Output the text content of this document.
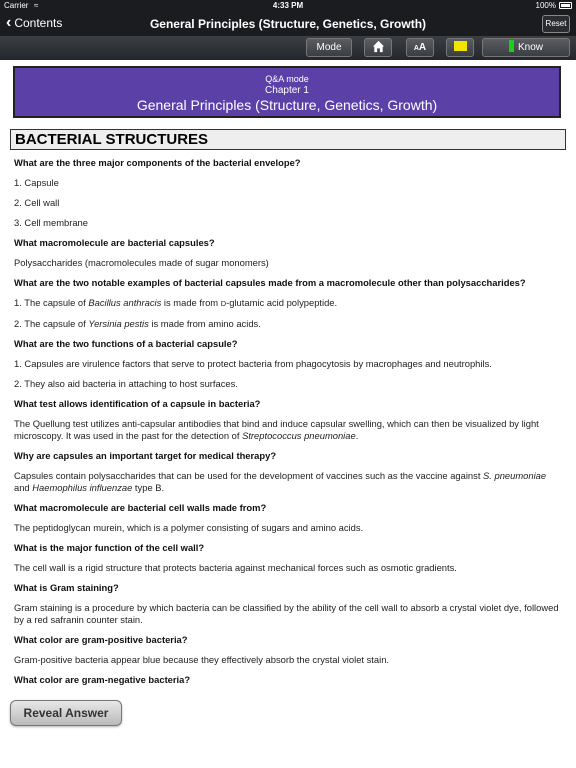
Carrier ≈	4:33 PM	100%
‹ Contents	General Principles (Structure, Genetics, Growth)	Reset
Mode	AA	Know
Q&A mode
Chapter 1
General Principles (Structure, Genetics, Growth)
BACTERIAL STRUCTURES
What are the three major components of the bacterial envelope?
1. Capsule
2. Cell wall
3. Cell membrane
What macromolecule are bacterial capsules?
Polysaccharides (macromolecules made of sugar monomers)
What are the two notable examples of bacterial capsules made from a macromolecule other than polysaccharides?
1. The capsule of Bacillus anthracis is made from D-glutamic acid polypeptide.
2. The capsule of Yersinia pestis is made from amino acids.
What are the two functions of a bacterial capsule?
1. Capsules are virulence factors that serve to protect bacteria from phagocytosis by macrophages and neutrophils.
2. They also aid bacteria in attaching to host surfaces.
What test allows identification of a capsule in bacteria?
The Quellung test utilizes anti-capsular antibodies that bind and induce capsular swelling, which can then be visualized by light microscopy. It was used in the past for the detection of Streptococcus pneumoniae.
Why are capsules an important target for medical therapy?
Capsules contain polysaccharides that can be used for the development of vaccines such as the vaccine against S. pneumoniae and Haemophilus influenzae type B.
What macromolecule are bacterial cell walls made from?
The peptidoglycan murein, which is a polymer consisting of sugars and amino acids.
What is the major function of the cell wall?
The cell wall is a rigid structure that protects bacteria against mechanical forces such as osmotic gradients.
What is Gram staining?
Gram staining is a procedure by which bacteria can be classified by the ability of the cell wall to absorb a crystal violet dye, followed by a red safranin counter stain.
What color are gram-positive bacteria?
Gram-positive bacteria appear blue because they effectively absorb the crystal violet stain.
What color are gram-negative bacteria?
Reveal Answer
